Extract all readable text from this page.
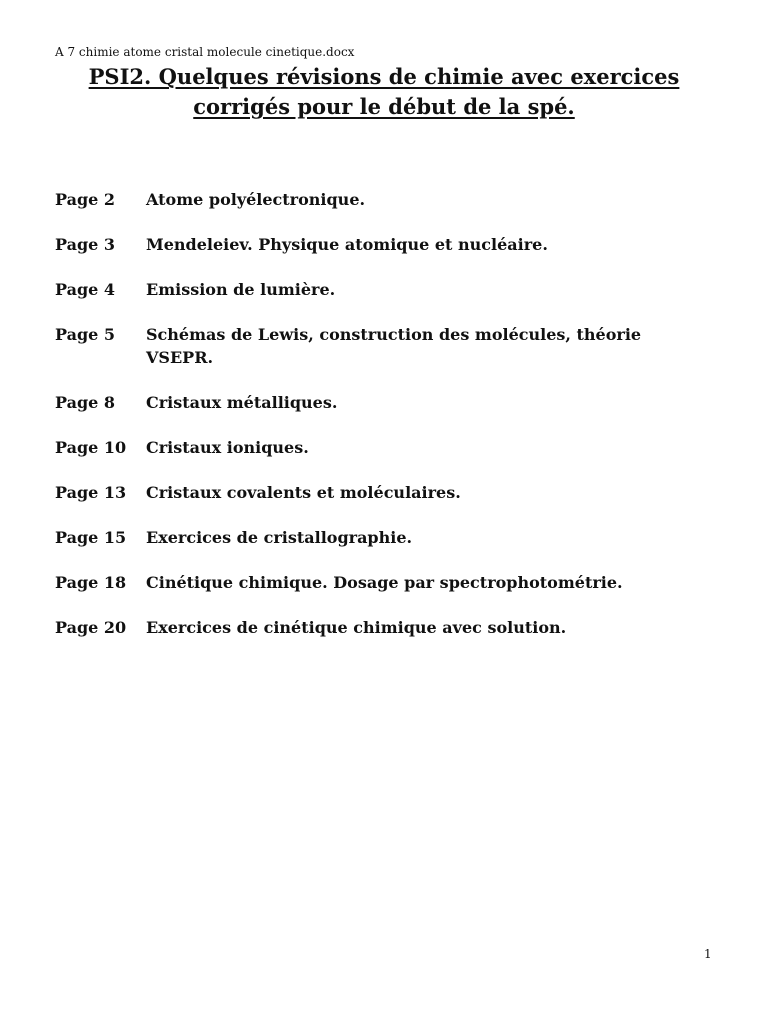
A 7 chimie atome cristal molecule cinetique.docx
PSI2. Quelques révisions de chimie avec exercices
corrigés pour le début de la spé.
Page 2	Atome polyélectronique.
Page 3	Mendeleiev. Physique atomique et nucléaire.
Page 4	Emission de lumière.
Page 5	Schémas de Lewis, construction des molécules, théorie VSEPR.
Page 8	Cristaux métalliques.
Page 10	Cristaux ioniques.
Page 13	Cristaux covalents et moléculaires.
Page 15	Exercices de cristallographie.
Page 18	Cinétique chimique. Dosage par spectrophotométrie.
Page 20	Exercices de cinétique chimique avec solution.
1
